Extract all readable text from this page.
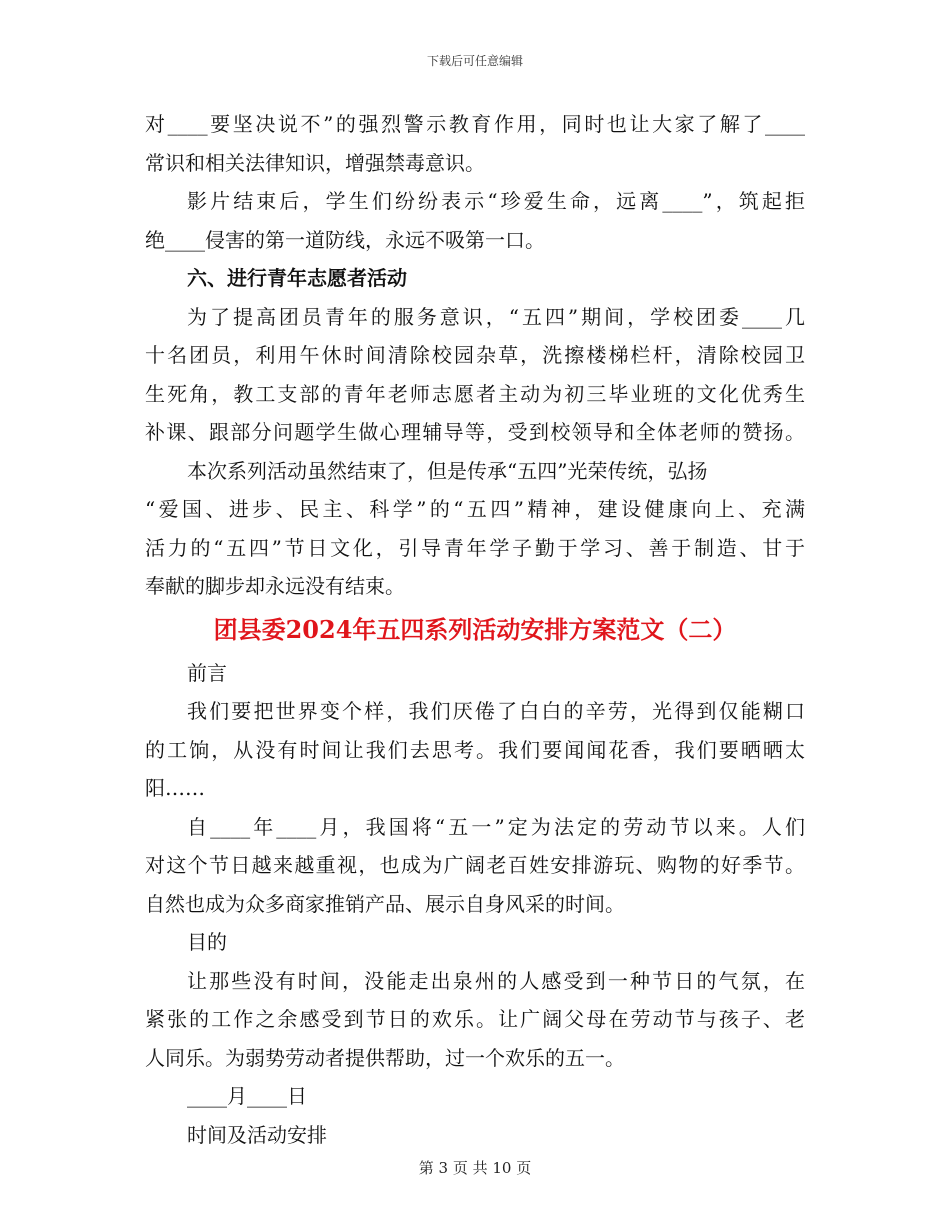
下载后可任意编辑
对____要坚决说不”的强烈警示教育作用，同时也让大家了解了____
常识和相关法律知识，增强禁毒意识。
影片结束后，学生们纷纷表示“珍爱生命，远离____”，筑起拒
绝____侵害的第一道防线，永远不吸第一口。
六、进行青年志愿者活动
为了提高团员青年的服务意识，“五四”期间，学校团委____几
十名团员，利用午休时间清除校园杂草，洗擦楼梯栏杆，清除校园卫
生死角，教工支部的青年老师志愿者主动为初三毕业班的文化优秀生
补课、跟部分问题学生做心理辅导等，受到校领导和全体老师的赞扬。
本次系列活动虽然结束了，但是传承“五四”光荣传统，弘扬
“爱国、进步、民主、科学”的“五四”精神，建设健康向上、充满
活力的“五四”节日文化，引导青年学子勤于学习、善于制造、甘于
奉献的脚步却永远没有结束。
团县委2024年五四系列活动安排方案范文（二）
前言
我们要把世界变个样，我们厌倦了白白的辛劳，光得到仅能糊口
的工饷，从没有时间让我们去思考。我们要闻闻花香，我们要晒晒太
阳……
自____年____月，我国将“五一”定为法定的劳动节以来。人们
对这个节日越来越重视，也成为广阔老百姓安排游玩、购物的好季节。
自然也成为众多商家推销产品、展示自身风采的时间。
目的
让那些没有时间，没能走出泉州的人感受到一种节日的气氛，在
紧张的工作之余感受到节日的欢乐。让广阔父母在劳动节与孩子、老
人同乐。为弱势劳动者提供帮助，过一个欢乐的五一。
____月____日
时间及活动安排
第 3 页 共 10 页
